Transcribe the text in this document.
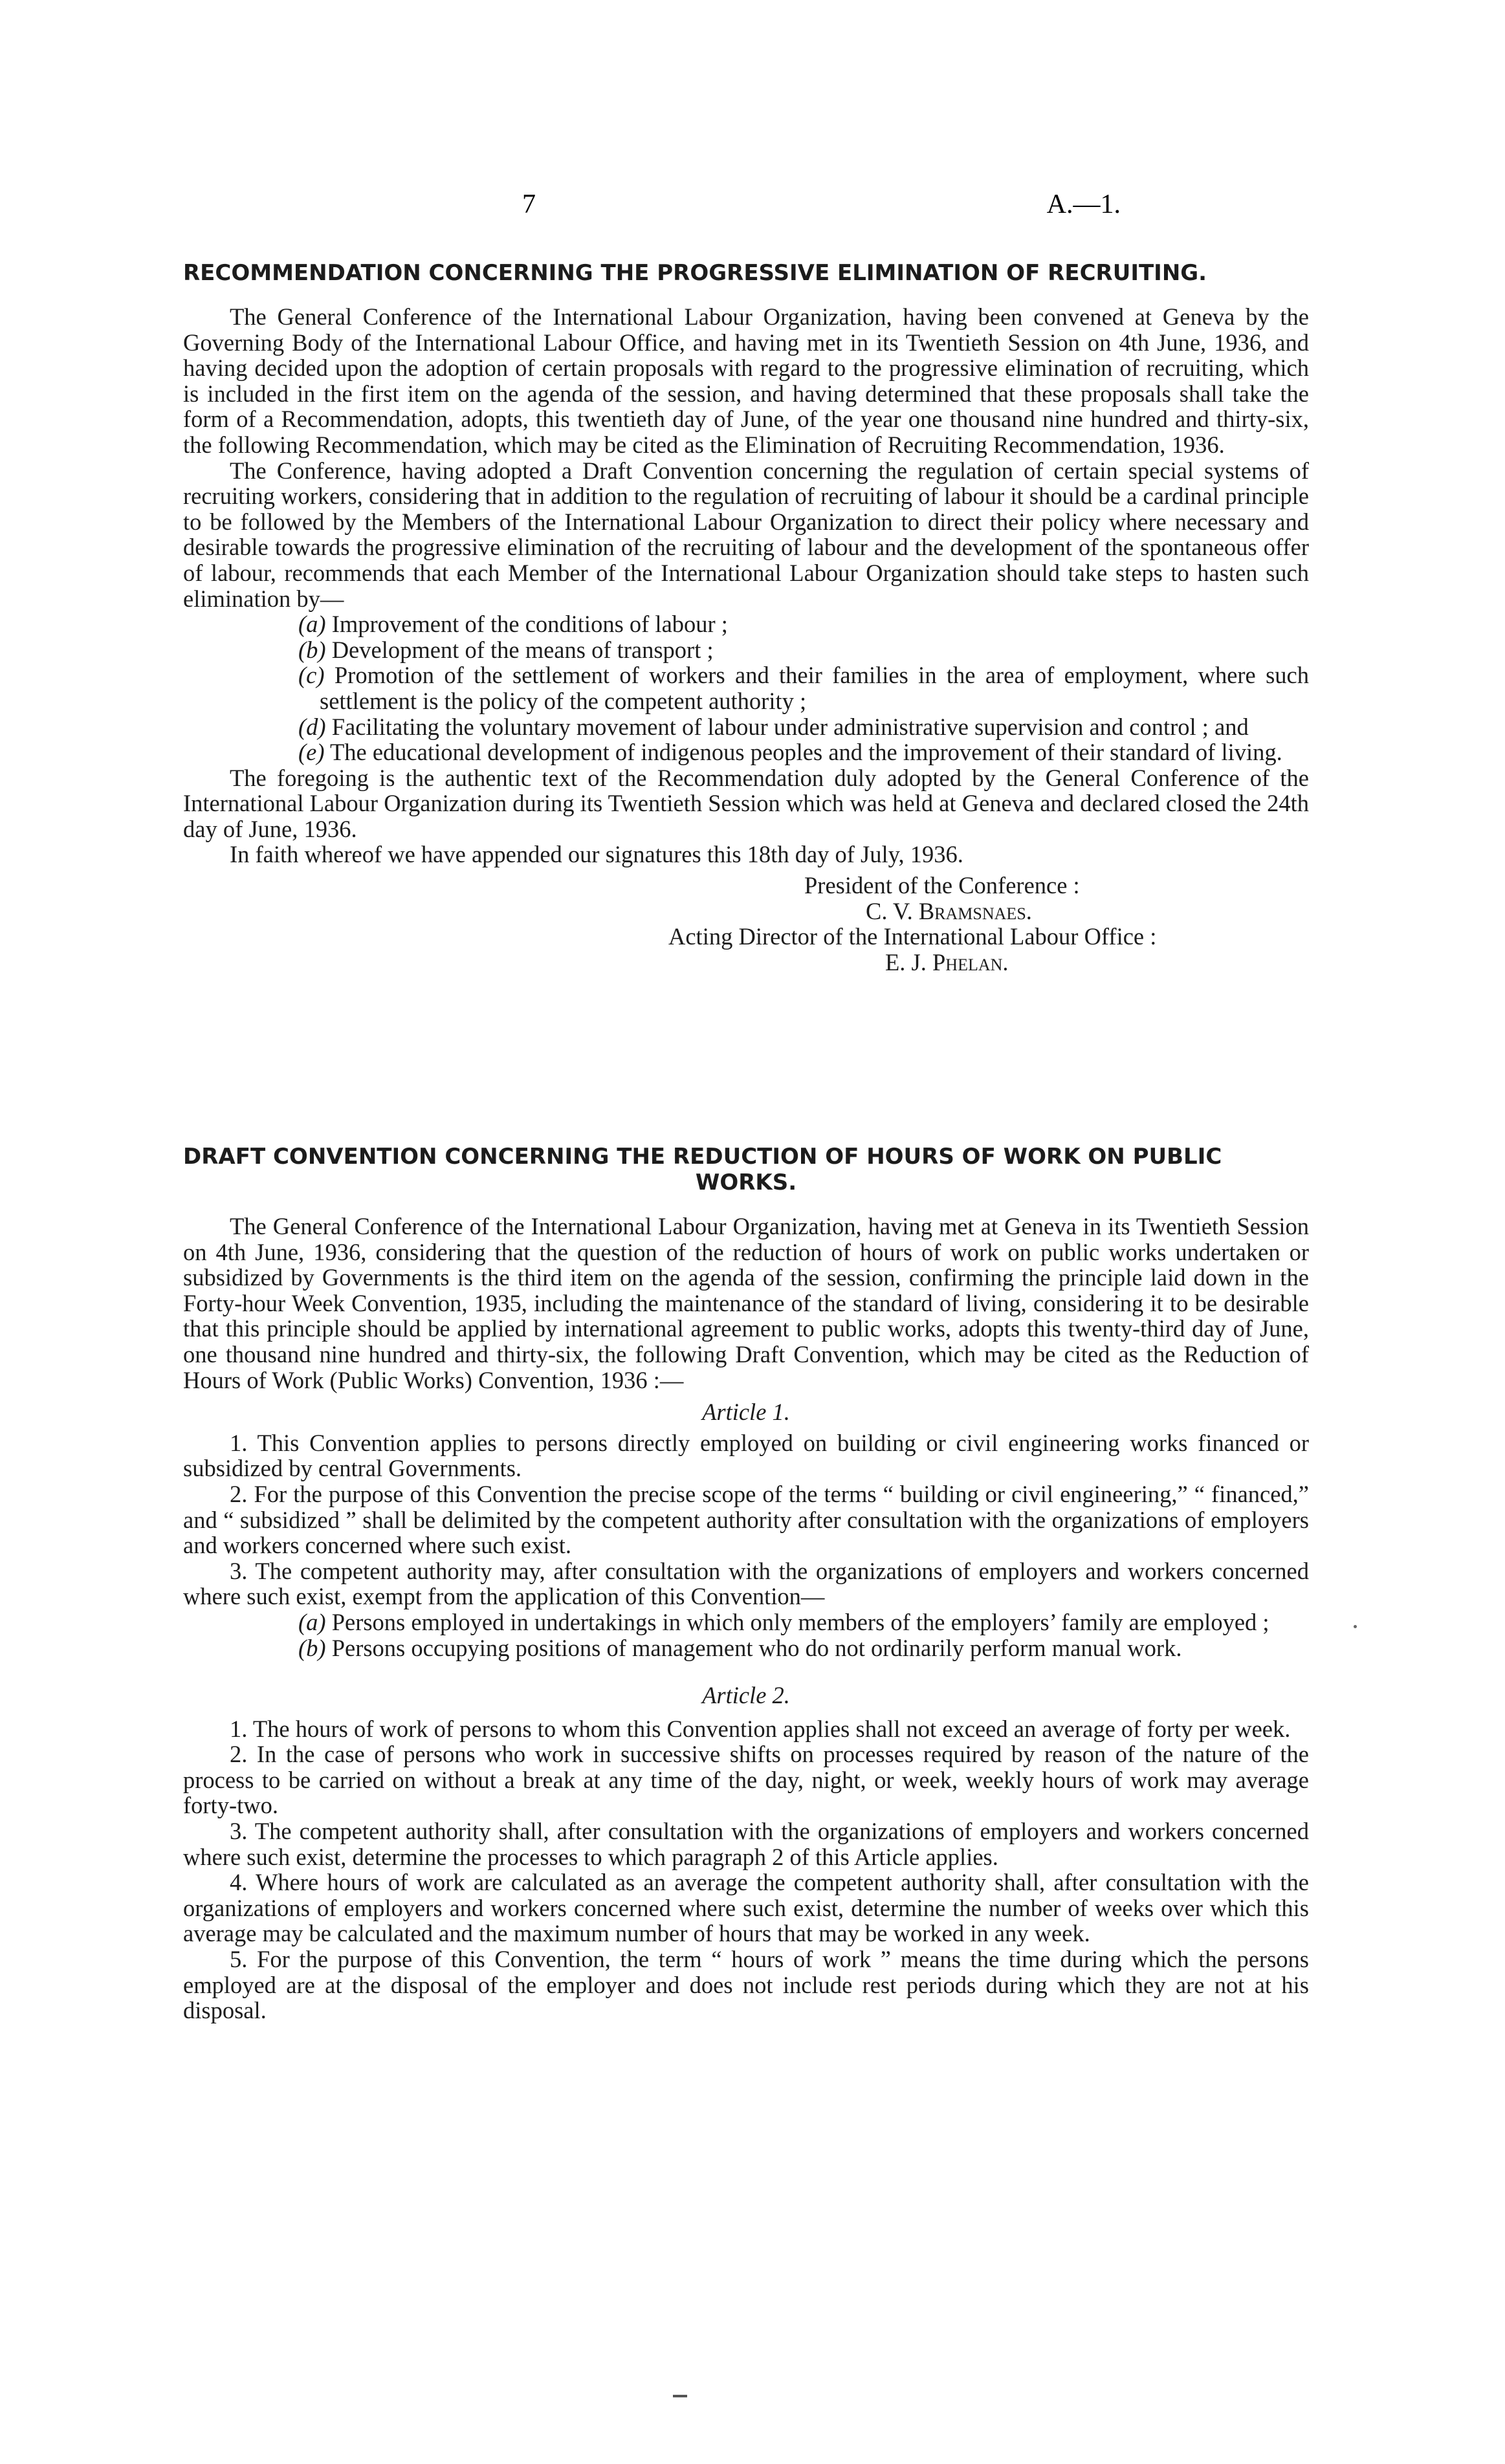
7	A.—1.
RECOMMENDATION CONCERNING THE PROGRESSIVE ELIMINATION OF RECRUITING.

The General Conference of the International Labour Organization, having been convened at Geneva by the Governing Body of the International Labour Office, and having met in its Twentieth Session on 4th June, 1936, and having decided upon the adoption of certain proposals with regard to the progressive elimination of recruiting, which is included in the first item on the agenda of the session, and having determined that these proposals shall take the form of a Recommendation, adopts, this twentieth day of June, of the year one thousand nine hundred and thirty-six, the following Recommendation, which may be cited as the Elimination of Recruiting Recommendation, 1936.

The Conference, having adopted a Draft Convention concerning the regulation of certain special systems of recruiting workers, considering that in addition to the regulation of recruiting of labour it should be a cardinal principle to be followed by the Members of the International Labour Organization to direct their policy where necessary and desirable towards the progressive elimination of the recruiting of labour and the development of the spontaneous offer of labour, recommends that each Member of the International Labour Organization should take steps to hasten such elimination by—

(a) Improvement of the conditions of labour ;
(b) Development of the means of transport ;
(c) Promotion of the settlement of workers and their families in the area of employment, where such settlement is the policy of the competent authority ;
(d) Facilitating the voluntary movement of labour under administrative supervision and control ; and
(e) The educational development of indigenous peoples and the improvement of their standard of living.

The foregoing is the authentic text of the Recommendation duly adopted by the General Conference of the International Labour Organization during its Twentieth Session which was held at Geneva and declared closed the 24th day of June, 1936.

In faith whereof we have appended our signatures this 18th day of July, 1936.

President of the Conference :
C. V. Bramsnaes.
Acting Director of the International Labour Office :
E. J. Phelan.
DRAFT CONVENTION CONCERNING THE REDUCTION OF HOURS OF WORK ON PUBLIC
WORKS.

The General Conference of the International Labour Organization, having met at Geneva in its Twentieth Session on 4th June, 1936, considering that the question of the reduction of hours of work on public works undertaken or subsidized by Governments is the third item on the agenda of the session, confirming the principle laid down in the Forty-hour Week Convention, 1935, including the maintenance of the standard of living, considering it to be desirable that this principle should be applied by international agreement to public works, adopts this twenty-third day of June, one thousand nine hundred and thirty-six, the following Draft Convention, which may be cited as the Reduction of Hours of Work (Public Works) Convention, 1936 :—

Article 1.

1. This Convention applies to persons directly employed on building or civil engineering works financed or subsidized by central Governments.

2. For the purpose of this Convention the precise scope of the terms “ building or civil engineering,” “ financed,” and “ subsidized ” shall be delimited by the competent authority after consultation with the organizations of employers and workers concerned where such exist.

3. The competent authority may, after consultation with the organizations of employers and workers concerned where such exist, exempt from the application of this Convention—

(a) Persons employed in undertakings in which only members of the employers’ family are employed ;
(b) Persons occupying positions of management who do not ordinarily perform manual work.
Article 2.

1. The hours of work of persons to whom this Convention applies shall not exceed an average of forty per week.

2. In the case of persons who work in successive shifts on processes required by reason of the nature of the process to be carried on without a break at any time of the day, night, or week, weekly hours of work may average forty-two.

3. The competent authority shall, after consultation with the organizations of employers and workers concerned where such exist, determine the processes to which paragraph 2 of this Article applies.

4. Where hours of work are calculated as an average the competent authority shall, after consultation with the organizations of employers and workers concerned where such exist, determine the number of weeks over which this average may be calculated and the maximum number of hours that may be worked in any week.

5. For the purpose of this Convention, the term “ hours of work ” means the time during which the persons employed are at the disposal of the employer and does not include rest periods during which they are not at his disposal.
